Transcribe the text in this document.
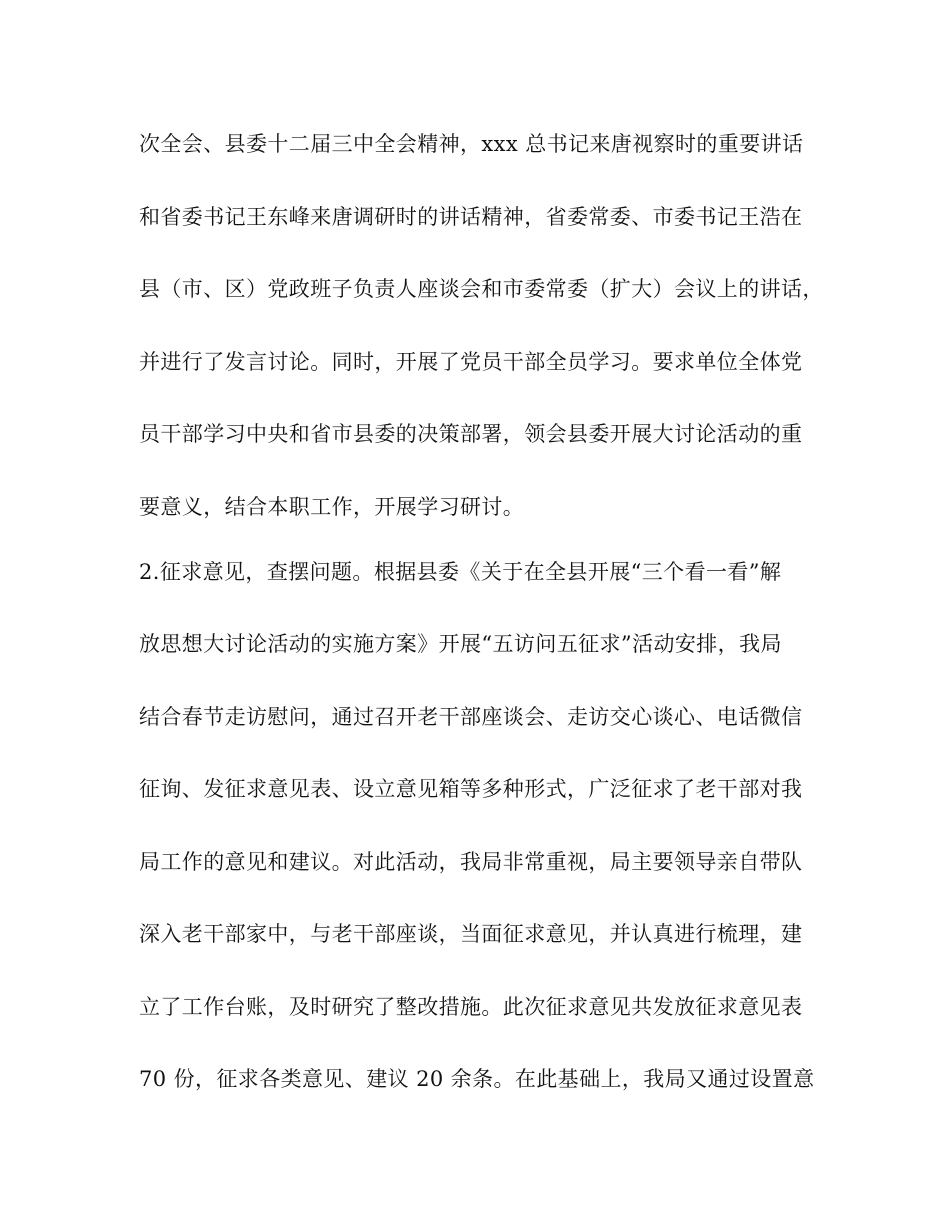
次全会、县委十二届三中全会精神，xxx 总书记来唐视察时的重要讲话
和省委书记王东峰来唐调研时的讲话精神，省委常委、市委书记王浩在
县（市、区）党政班子负责人座谈会和市委常委（扩大）会议上的讲话，
并进行了发言讨论。同时，开展了党员干部全员学习。要求单位全体党
员干部学习中央和省市县委的决策部署，领会县委开展大讨论活动的重
要意义，结合本职工作，开展学习研讨。
2.征求意见，查摆问题。根据县委《关于在全县开展“三个看一看”解
放思想大讨论活动的实施方案》开展“五访问五征求”活动安排，我局
结合春节走访慰问，通过召开老干部座谈会、走访交心谈心、电话微信
征询、发征求意见表、设立意见箱等多种形式，广泛征求了老干部对我
局工作的意见和建议。对此活动，我局非常重视，局主要领导亲自带队
深入老干部家中，与老干部座谈，当面征求意见，并认真进行梳理，建
立了工作台账，及时研究了整改措施。此次征求意见共发放征求意见表
70 份，征求各类意见、建议 20 余条。在此基础上，我局又通过设置意
